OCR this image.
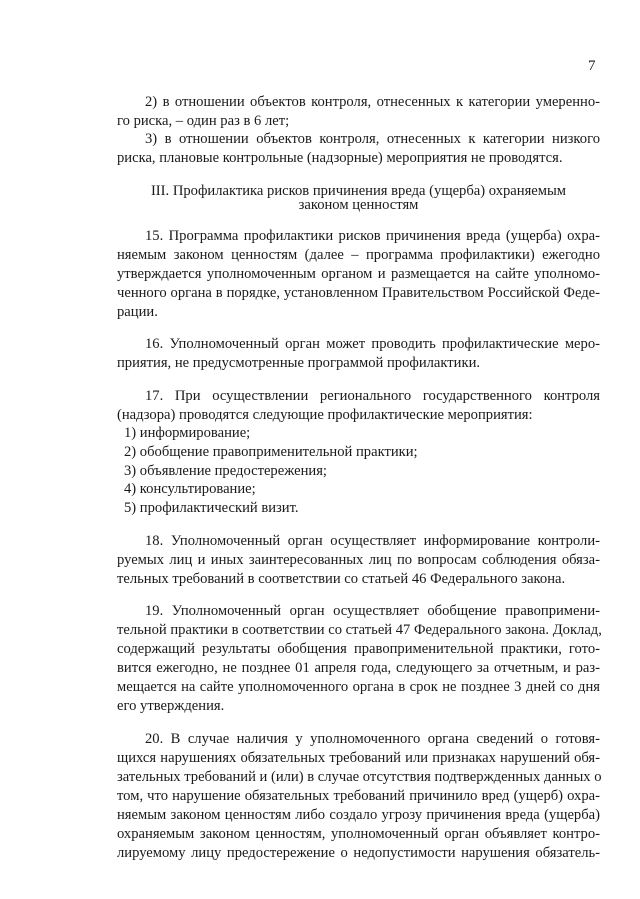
7
2) в отношении объектов контроля, отнесенных к категории умеренно-
го риска, – один раз в 6 лет;
3) в отношении объектов контроля, отнесенных к категории низкого
риска, плановые контрольные (надзорные) мероприятия не проводятся.
III. Профилактика рисков причинения вреда (ущерба) охраняемым
законом ценностям
15. Программа профилактики рисков причинения вреда (ущерба) охра-
няемым законом ценностям (далее – программа профилактики) ежегодно
утверждается уполномоченным органом и размещается на сайте уполномо-
ченного органа в порядке, установленном Правительством Российской Феде-
рации.
16. Уполномоченный орган может проводить профилактические меро-
приятия, не предусмотренные программой профилактики.
17. При осуществлении регионального государственного контроля
(надзора) проводятся следующие профилактические мероприятия:
1) информирование;
2) обобщение правоприменительной практики;
3) объявление предостережения;
4) консультирование;
5) профилактический визит.
18. Уполномоченный орган осуществляет информирование контроли-
руемых лиц и иных заинтересованных лиц по вопросам соблюдения обяза-
тельных требований в соответствии со статьей 46 Федерального закона.
19. Уполномоченный орган осуществляет обобщение правопримени-
тельной практики в соответствии со статьей 47 Федерального закона. Доклад,
содержащий результаты обобщения правоприменительной практики, гото-
вится ежегодно, не позднее 01 апреля года, следующего за отчетным, и раз-
мещается на сайте уполномоченного органа в срок не позднее 3 дней со дня
его утверждения.
20. В случае наличия у уполномоченного органа сведений о готовя-
щихся нарушениях обязательных требований или признаках нарушений обя-
зательных требований и (или) в случае отсутствия подтвержденных данных о
том, что нарушение обязательных требований причинило вред (ущерб) охра-
няемым законом ценностям либо создало угрозу причинения вреда (ущерба)
охраняемым законом ценностям, уполномоченный орган объявляет контро-
лируемому лицу предостережение о недопустимости нарушения обязатель-
